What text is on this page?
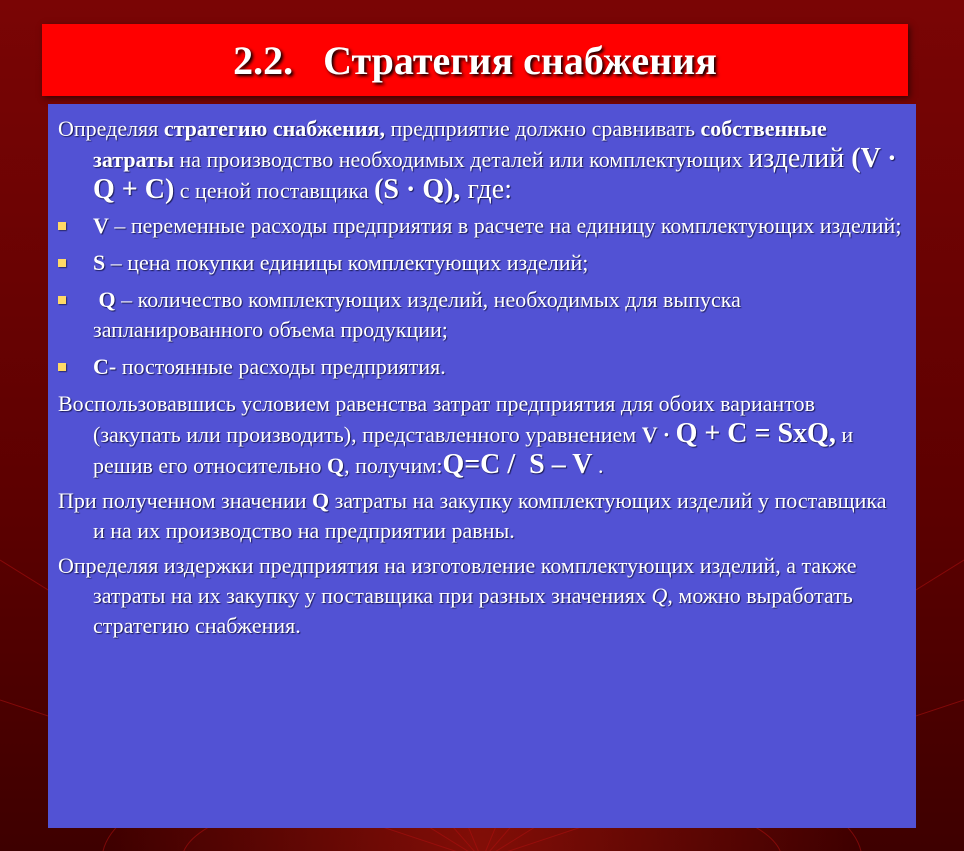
2.2.   Стратегия снабжения

Определяя стратегию снабжения, предприятие должно сравнивать собственные затраты на производство необходимых деталей или комплектующих изделий (V · Q + C) с ценой поставщика (S · Q), где:

V – переменные расходы предприятия в расчете на единицу комплектующих изделий;
S – цена покупки единицы комплектующих изделий;
Q – количество комплектующих изделий, необходимых для выпуска запланированного объема продукции;
C- постоянные расходы предприятия.

Воспользовавшись условием равенства затрат предприятия для обоих вариантов (закупать или производить), представленного уравнением V · Q + C = SxQ, и решив его относительно Q, получим:Q=C /  S – V .

При полученном значении Q затраты на закупку комплектующих изделий у поставщика и на их производство на предприятии равны.

Определяя издержки предприятия на изготовление комплектующих изделий, а также затраты на их закупку у поставщика при разных значениях Q, можно выработать стратегию снабжения.
